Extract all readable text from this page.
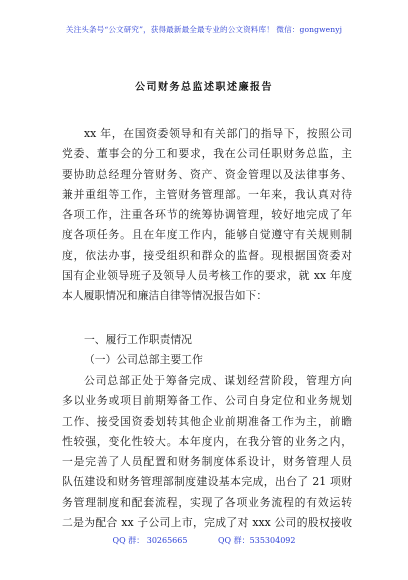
关注头条号“公文研究”，获得最新最全最专业的公文资料库！ 微信：gongwenyj
公司财务总监述职述廉报告
xx 年，在国资委领导和有关部门的指导下，按照公司
党委、董事会的分工和要求，我在公司任职财务总监，主
要协助总经理分管财务、资产、资金管理以及法律事务、
兼并重组等工作，主管财务管理部。一年来，我认真对待
各项工作，注重各环节的统筹协调管理，较好地完成了年
度各项任务。且在年度工作内，能够自觉遵守有关规则制
度，依法办事，接受组织和群众的监督。现根据国资委对
国有企业领导班子及领导人员考核工作的要求，就 xx 年度
本人履职情况和廉洁自律等情况报告如下：
一、履行工作职责情况
（一）公司总部主要工作
公司总部正处于筹备完成、谋划经营阶段，管理方向
多以业务或项目前期筹备工作、公司自身定位和业务规划
工作、接受国资委划转其他企业前期准备工作为主，前瞻
性较强，变化性较大。本年度内，在我分管的业务之内，
一是完善了人员配置和财务制度体系设计，财务管理人员
队伍建设和财务管理部制度建设基本完成，出台了 21 项财
务管理制度和配套流程，实现了各项业务流程的有效运转
二是为配合 xx 子公司上市，完成了对 xxx 公司的股权接收
QQ 群： 30265665	QQ 群：535304092
